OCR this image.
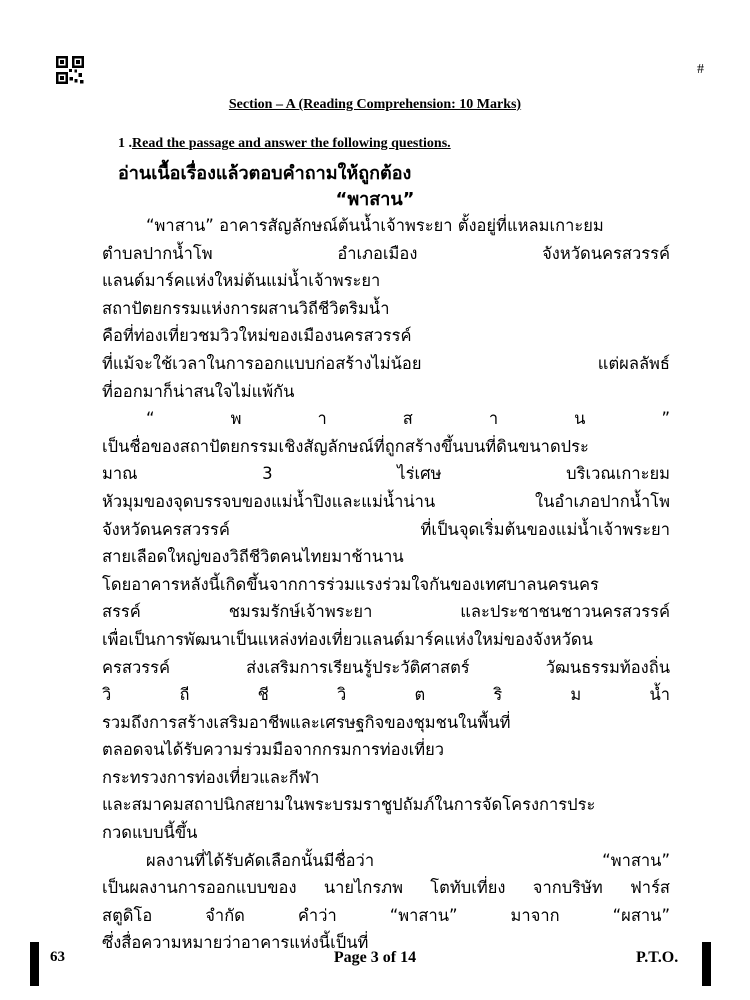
#
Section – A (Reading Comprehension: 10 Marks)
1 .Read the passage and answer the following questions.
อ่านเนื้อเรื่องแล้วตอบคำถามให้ถูกต้อง
“พาสาน”
“พาสาน” อาคารสัญลักษณ์ต้นน้ำเจ้าพระยา ตั้งอยู่ที่แหลมเกาะยม
ตำบลปากน้ำโพ อำเภอเมือง จังหวัดนครสวรรค์
แลนด์มาร์คแห่งใหม่ต้นแม่น้ำเจ้าพระยา
สถาปัตยกรรมแห่งการผสานวิถีชีวิตริมน้ำ
คือที่ท่องเที่ยวชมวิวใหม่ของเมืองนครสวรรค์
ที่แม้จะใช้เวลาในการออกแบบก่อสร้างไม่น้อย แต่ผลลัพธ์
ที่ออกมาก็น่าสนใจไม่แพ้กัน
“ พ า ส า น ”
เป็นชื่อของสถาปัตยกรรมเชิงสัญลักษณ์ที่ถูกสร้างขึ้นบนที่ดินขนาดประ
มาณ 3 ไร่เศษ บริเวณเกาะยม
หัวมุมของจุดบรรจบของแม่น้ำปิงและแม่น้ำน่าน ในอำเภอปากน้ำโพ
จังหวัดนครสวรรค์ ที่เป็นจุดเริ่มต้นของแม่น้ำเจ้าพระยา
สายเลือดใหญ่ของวิถีชีวิตคนไทยมาช้านาน
โดยอาคารหลังนี้เกิดขึ้นจากการร่วมแรงร่วมใจกันของเทศบาลนครนคร
สรรค์ ชมรมรักษ์เจ้าพระยา และประชาชนชาวนครสวรรค์
เพื่อเป็นการพัฒนาเป็นแหล่งท่องเที่ยวแลนด์มาร์คแห่งใหม่ของจังหวัดน
ครสวรรค์ ส่งเสริมการเรียนรู้ประวัติศาสตร์ วัฒนธรรมท้องถิ่น
วิ ถี ชี วิ ต ริ ม น้ำ
รวมถึงการสร้างเสริมอาชีพและเศรษฐกิจของชุมชนในพื้นที่
ตลอดจนได้รับความร่วมมือจากกรมการท่องเที่ยว
กระทรวงการท่องเที่ยวและกีฬา
และสมาคมสถาปนิกสยามในพระบรมราชูปถัมภ์ในการจัดโครงการประ
กวดแบบนี้ขึ้น
ผลงานที่ได้รับคัดเลือกนั้นมีชื่อว่า “พาสาน”
เป็นผลงานการออกแบบของ นายไกรภพ โตทับเที่ยง จากบริษัท ฟาร์ส
สตูดิโอ จำกัด คำว่า “พาสาน” มาจาก “ผสาน”
ซึ่งสื่อความหมายว่าอาคารแห่งนี้เป็นที่
63	Page 3 of 14	P.T.O.
